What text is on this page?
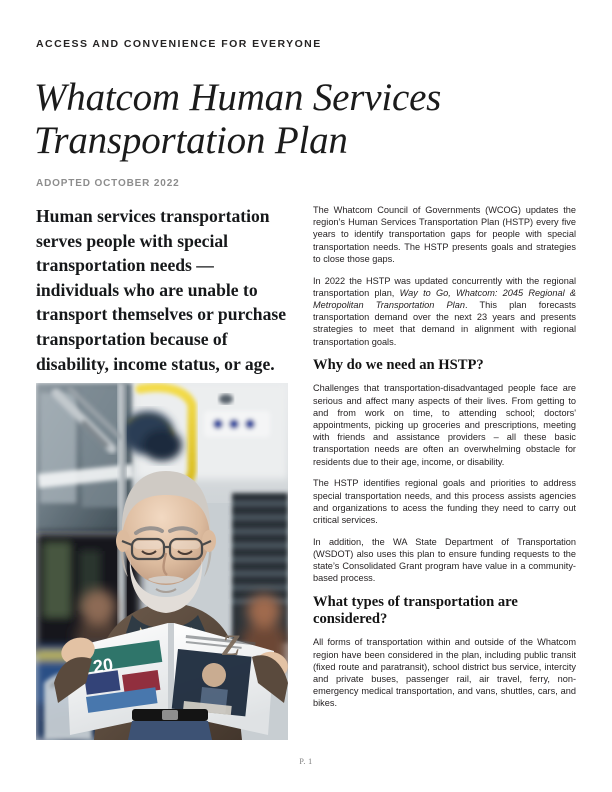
ACCESS AND CONVENIENCE FOR EVERYONE
Whatcom Human Services
Transportation Plan
ADOPTED OCTOBER 2022
Human services transportation serves people with special transportation needs — individuals who are unable to transport themselves or purchase transportation because of disability, income status, or age.
20
Z

The Whatcom Council of Governments (WCOG) updates the region’s Human Services Transportation Plan (HSTP) every five years to identify transportation gaps for people with special transportation needs. The HSTP presents goals and strategies to close those gaps.

In 2022 the HSTP was updated concurrently with the regional transportation plan, Way to Go, Whatcom: 2045 Regional & Metropolitan Transportation Plan. This plan forecasts transportation demand over the next 23 years and presents strategies to meet that demand in alignment with regional transportation goals.

Why do we need an HSTP?

Challenges that transportation-disadvantaged people face are serious and affect many aspects of their lives. From getting to and from work on time, to attending school; doctors' appointments, picking up groceries and prescriptions, meeting with friends and assistance providers – all these basic transportation needs are often an overwhelming obstacle for residents due to their age, income, or disability.

The HSTP identifies regional goals and priorities to address special transportation needs, and this process assists agencies and organizations to acess the funding they need to carry out critical services.

In addition, the WA State Department of Transportation (WSDOT) also uses this plan to ensure funding requests to the state’s Consolidated Grant program have value in a community-based process.

What types of transportation are considered?

All forms of transportation within and outside of the Whatcom region have been considered in the plan, including public transit (fixed route and paratransit), school district bus service, intercity and private buses, passenger rail, air travel, ferry, non-emergency medical transportation, and vans, shuttles, cars, and bikes.

P. 1
